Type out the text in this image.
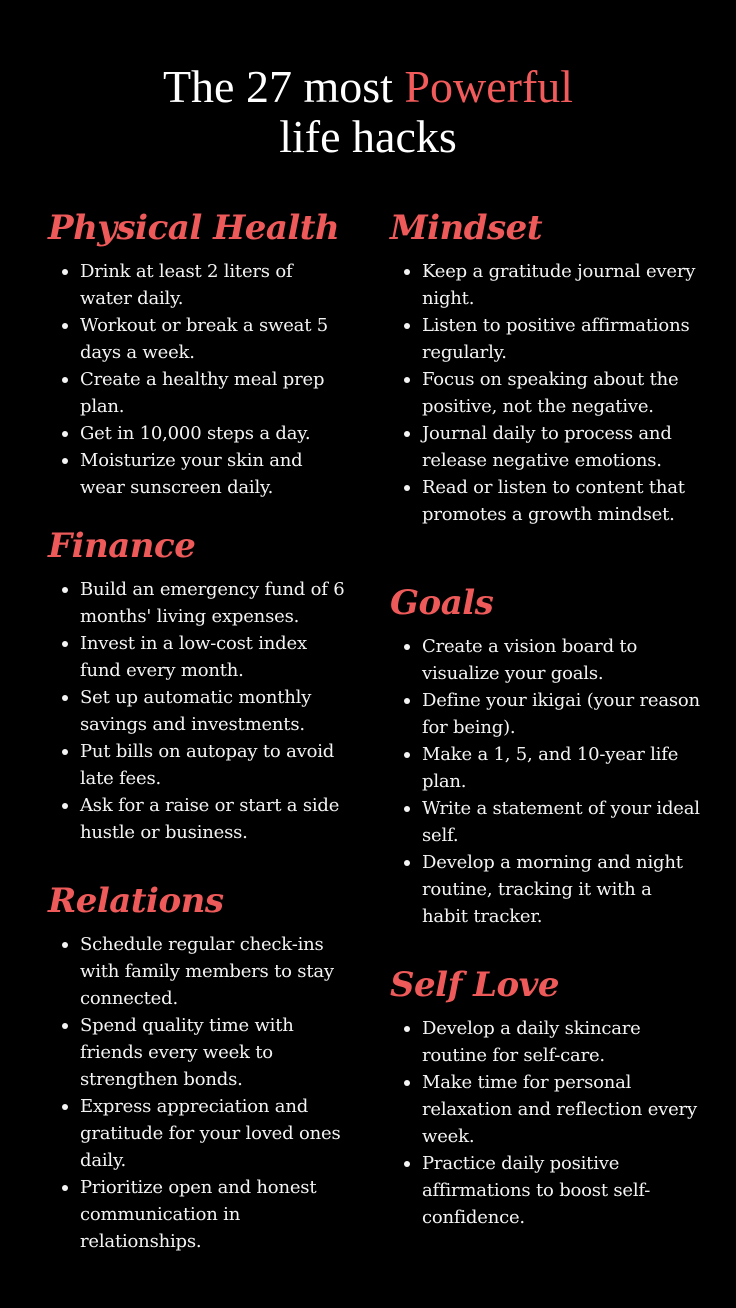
The 27 most Powerful
life hacks
Physical Health
Drink at least 2 liters of water daily.
Workout or break a sweat 5 days a week.
Create a healthy meal prep plan.
Get in 10,000 steps a day.
Moisturize your skin and wear sunscreen daily.
Finance
Build an emergency fund of 6 months' living expenses.
Invest in a low-cost index fund every month.
Set up automatic monthly savings and investments.
Put bills on autopay to avoid late fees.
Ask for a raise or start a side hustle or business.
Relations
Schedule regular check-ins with family members to stay connected.
Spend quality time with friends every week to strengthen bonds.
Express appreciation and gratitude for your loved ones daily.
Prioritize open and honest communication in relationships.
Mindset
Keep a gratitude journal every night.
Listen to positive affirmations regularly.
Focus on speaking about the positive, not the negative.
Journal daily to process and release negative emotions.
Read or listen to content that promotes a growth mindset.
Goals
Create a vision board to visualize your goals.
Define your ikigai (your reason for being).
Make a 1, 5, and 10-year life plan.
Write a statement of your ideal self.
Develop a morning and night routine, tracking it with a habit tracker.
Self Love
Develop a daily skincare routine for self-care.
Make time for personal relaxation and reflection every week.
Practice daily positive affirmations to boost self-confidence.
